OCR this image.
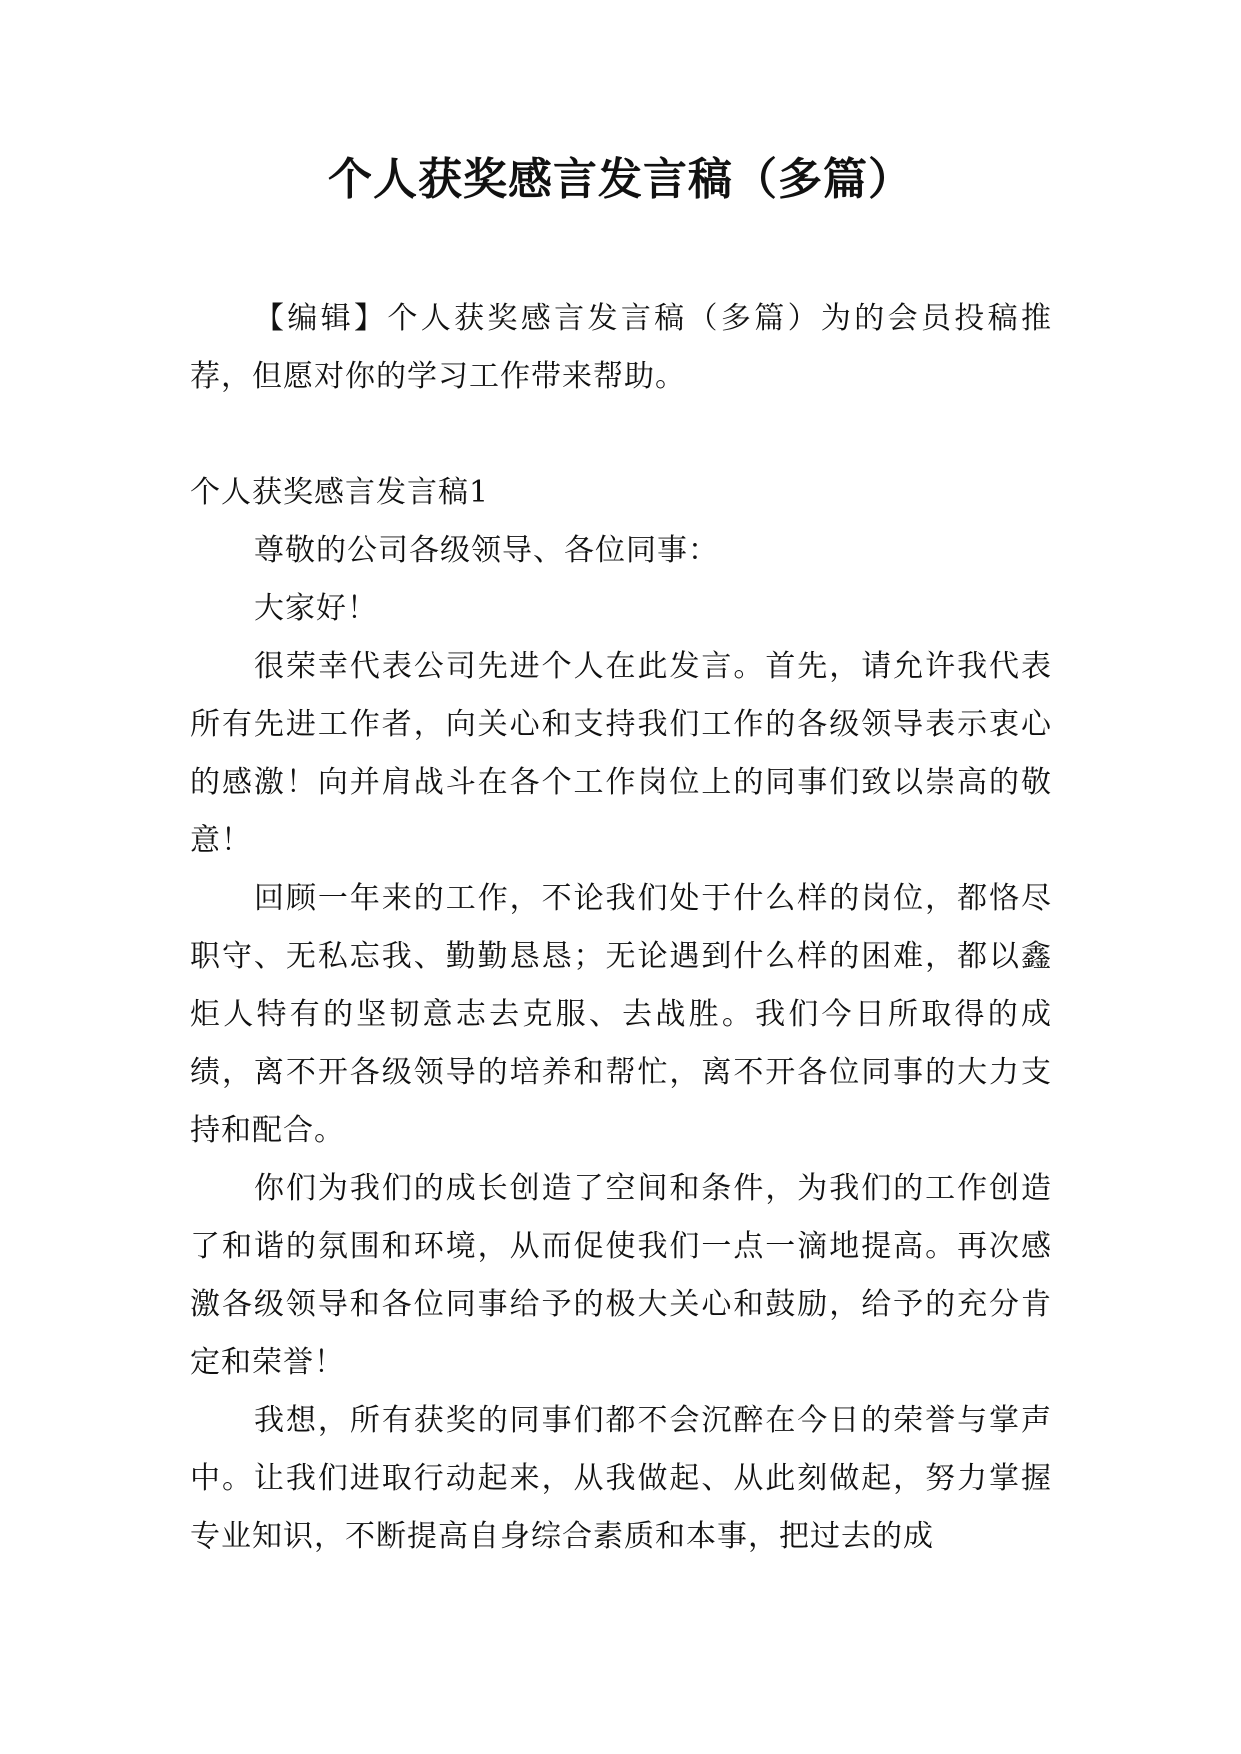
个人获奖感言发言稿（多篇）

【编辑】个人获奖感言发言稿（多篇）为的会员投稿推荐，但愿对你的学习工作带来帮助。

个人获奖感言发言稿1

尊敬的公司各级领导、各位同事：

大家好！

很荣幸代表公司先进个人在此发言。首先，请允许我代表所有先进工作者，向关心和支持我们工作的各级领导表示衷心的感激！向并肩战斗在各个工作岗位上的同事们致以崇高的敬意！

回顾一年来的工作，不论我们处于什么样的岗位，都恪尽职守、无私忘我、勤勤恳恳；无论遇到什么样的困难，都以鑫炬人特有的坚韧意志去克服、去战胜。我们今日所取得的成绩，离不开各级领导的培养和帮忙，离不开各位同事的大力支持和配合。

你们为我们的成长创造了空间和条件，为我们的工作创造了和谐的氛围和环境，从而促使我们一点一滴地提高。再次感激各级领导和各位同事给予的极大关心和鼓励，给予的充分肯定和荣誉！

我想，所有获奖的同事们都不会沉醉在今日的荣誉与掌声中。让我们进取行动起来，从我做起、从此刻做起，努力掌握专业知识，不断提高自身综合素质和本事，把过去的成
